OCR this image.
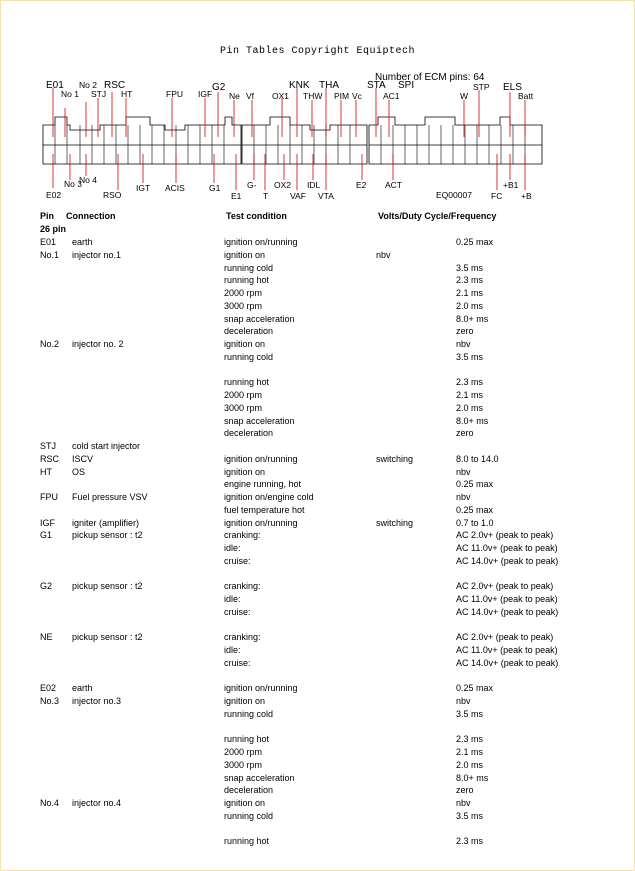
Pin Tables Copyright Equiptech
Number of ECM pins: 64
E01
No 1
No 2
STJ
RSC
HT	FPU IGF
G2
Ne Vf OX1
KNK
THW
THA
PIM Vc
STA SPI
AC1	W
STP ELS
Batt
E02
No 3
No 4
RSO
IGT ACIS	G1
E1
G-
T
OX2
VAF
IDL
VTA
E2 ACT
FC
+B1
+B
EQ00007
Pin Connection	Test condition	Volts/Duty Cycle/Frequency
26 pin
E01 earth	ignition on/running	0.25 max
No.1 injector no.1	ignition on	nbv
running cold	3.5 ms
running hot	2.3 ms
2000 rpm	2.1 ms
3000 rpm	2.0 ms
snap acceleration	8.0+ ms
deceleration	zero
No.2 injector no. 2	ignition on	nbv
running cold	3.5 ms
running hot	2.3 ms
2000 rpm	2.1 ms
3000 rpm	2.0 ms
snap acceleration	8.0+ ms
deceleration	zero
STJ cold start injector
RSC ISCV	ignition on/running	switching	8.0 to 14.0
HT OS	ignition on	nbv
engine running, hot	0.25 max
FPU Fuel pressure VSV	ignition on/engine cold	nbv
fuel temperature hot	0.25 max
IGF igniter (amplifier)	ignition on/running	switching	0.7 to 1.0
G1 pickup sensor : t2	cranking:	AC 2.0v+ (peak to peak)
idle:	AC 11.0v+ (peak to peak)
cruise:	AC 14.0v+ (peak to peak)
G2 pickup sensor : t2	cranking:	AC 2.0v+ (peak to peak)
idle:	AC 11.0v+ (peak to peak)
cruise:	AC 14.0v+ (peak to peak)
NE pickup sensor : t2	cranking:	AC 2.0v+ (peak to peak)
idle:	AC 11.0v+ (peak to peak)
cruise:	AC 14.0v+ (peak to peak)
E02 earth	ignition on/running	0.25 max
No.3 injector no.3	ignition on	nbv
running cold	3.5 ms
running hot	2.3 ms
2000 rpm	2.1 ms
3000 rpm	2.0 ms
snap acceleration	8.0+ ms
deceleration	zero
No.4 injector no.4	ignition on	nbv
running cold	3.5 ms
running hot	2.3 ms
